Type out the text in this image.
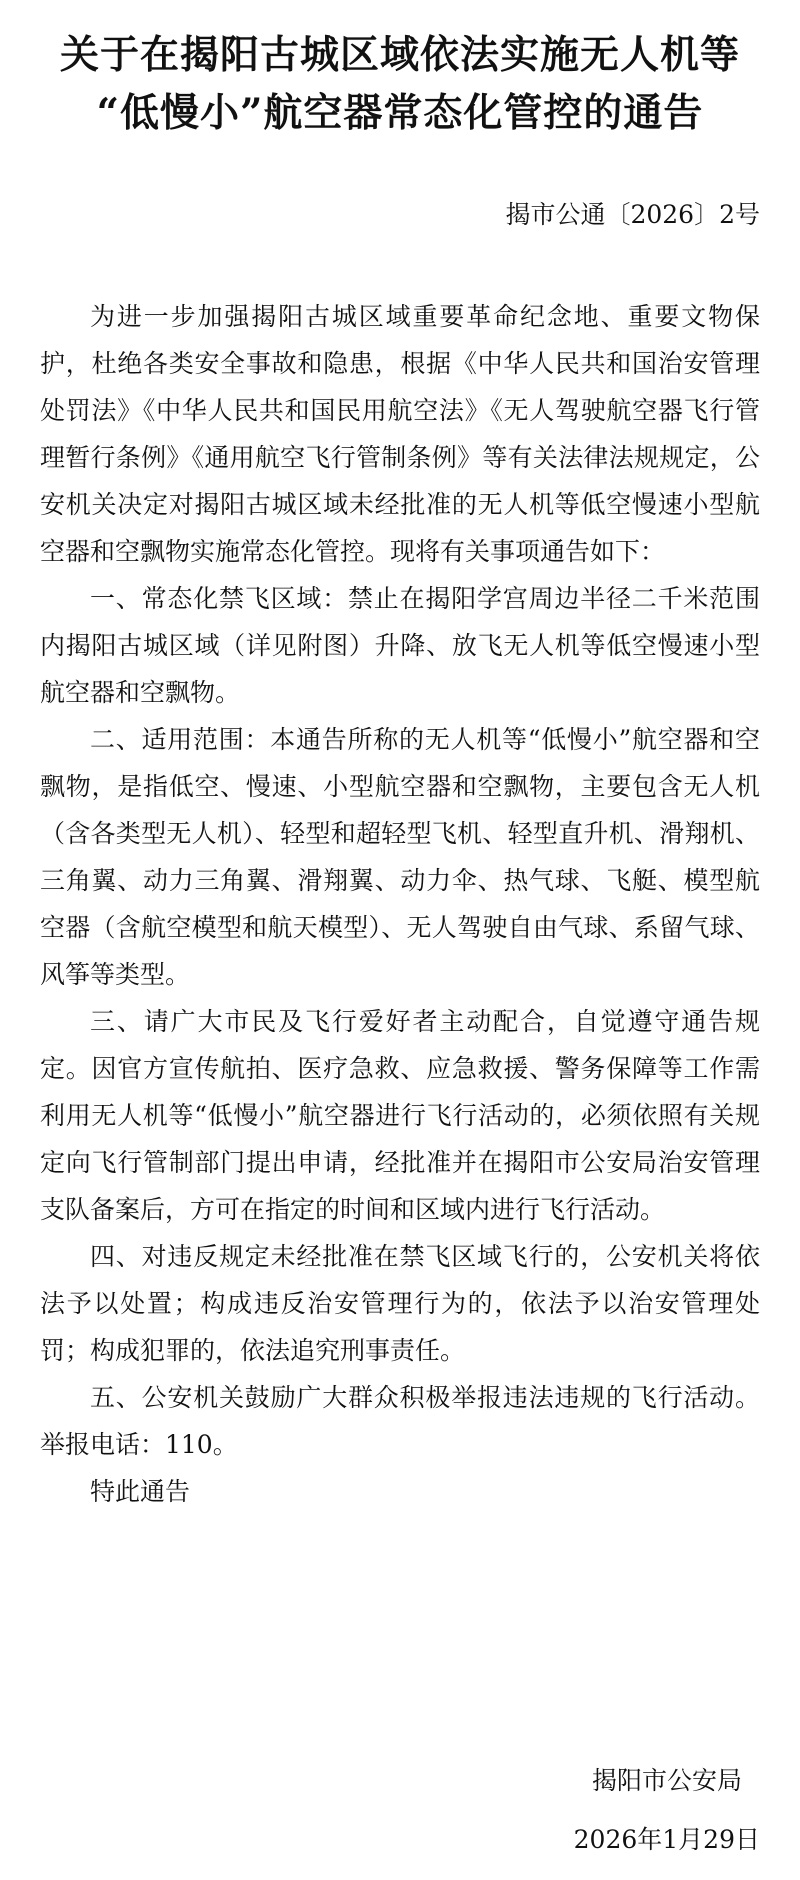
关于在揭阳古城区域依法实施无人机等
“低慢小”航空器常态化管控的通告
揭市公通〔2026〕2号

为进一步加强揭阳古城区域重要革命纪念地、重要文物保护，杜绝各类安全事故和隐患，根据《中华人民共和国治安管理处罚法》《中华人民共和国民用航空法》《无人驾驶航空器飞行管理暂行条例》《通用航空飞行管制条例》等有关法律法规规定，公安机关决定对揭阳古城区域未经批准的无人机等低空慢速小型航空器和空飘物实施常态化管控。现将有关事项通告如下：

一、常态化禁飞区域：禁止在揭阳学宫周边半径二千米范围内揭阳古城区域（详见附图）升降、放飞无人机等低空慢速小型航空器和空飘物。

二、适用范围：本通告所称的无人机等“低慢小”航空器和空飘物，是指低空、慢速、小型航空器和空飘物，主要包含无人机（含各类型无人机）、轻型和超轻型飞机、轻型直升机、滑翔机、三角翼、动力三角翼、滑翔翼、动力伞、热气球、飞艇、模型航空器（含航空模型和航天模型）、无人驾驶自由气球、系留气球、风筝等类型。

三、请广大市民及飞行爱好者主动配合，自觉遵守通告规定。因官方宣传航拍、医疗急救、应急救援、警务保障等工作需利用无人机等“低慢小”航空器进行飞行活动的，必须依照有关规定向飞行管制部门提出申请，经批准并在揭阳市公安局治安管理支队备案后，方可在指定的时间和区域内进行飞行活动。

四、对违反规定未经批准在禁飞区域飞行的，公安机关将依法予以处置；构成违反治安管理行为的，依法予以治安管理处罚；构成犯罪的，依法追究刑事责任。

五、公安机关鼓励广大群众积极举报违法违规的飞行活动。举报电话：110。

特此通告

揭阳市公安局
2026年1月29日
